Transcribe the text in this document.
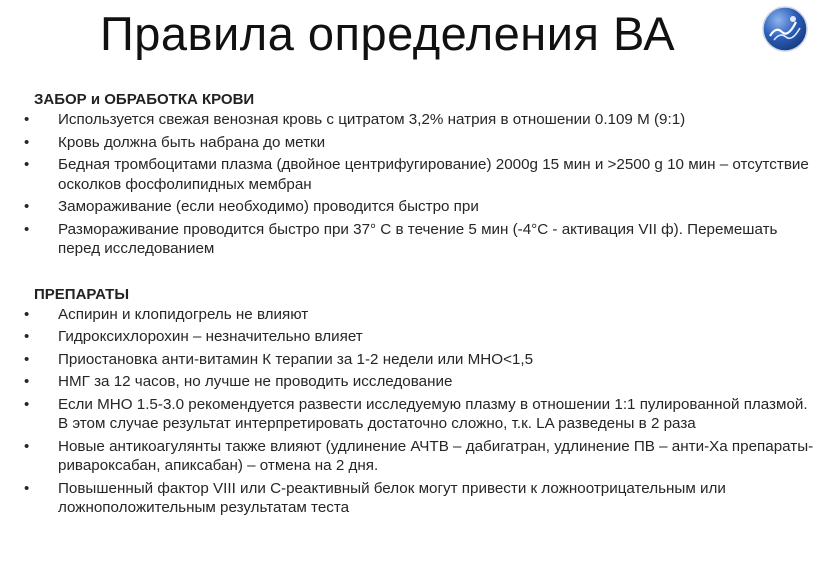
Правила определения ВА
ЗАБОР и ОБРАБОТКА КРОВИ
• Используется свежая венозная кровь с цитратом 3,2% натрия в отношении 0.109 М (9:1)
• Кровь должна быть набрана до метки
• Бедная тромбоцитами плазма (двойное центрифугирование) 2000g 15 мин и >2500 g 10 мин – отсутствие осколков фосфолипидных мембран
• Замораживание (если необходимо) проводится быстро при
• Размораживание проводится быстро при 37° С в течение 5 мин (-4°С - активация VII ф). Перемешать перед исследованием
ПРЕПАРАТЫ
• Аспирин и клопидогрель не влияют
• Гидроксихлорохин – незначительно влияет
• Приостановка анти-витамин К терапии за 1-2 недели или МНО<1,5
• НМГ за 12 часов, но лучше не проводить исследование
• Если МНО 1.5-3.0 рекомендуется развести исследуемую плазму в отношении 1:1 пулированной плазмой. В этом случае результат интерпретировать достаточно сложно, т.к. LA разведены в 2 раза
• Новые антикоагулянты также влияют (удлинение АЧТВ – дабигатран, удлинение ПВ – анти-Ха препараты- ривароксабан, апиксабан) – отмена на 2 дня.
• Повышенный фактор VIII или С-реактивный белок могут привести к ложноотрицательным или ложноположительным результатам теста
